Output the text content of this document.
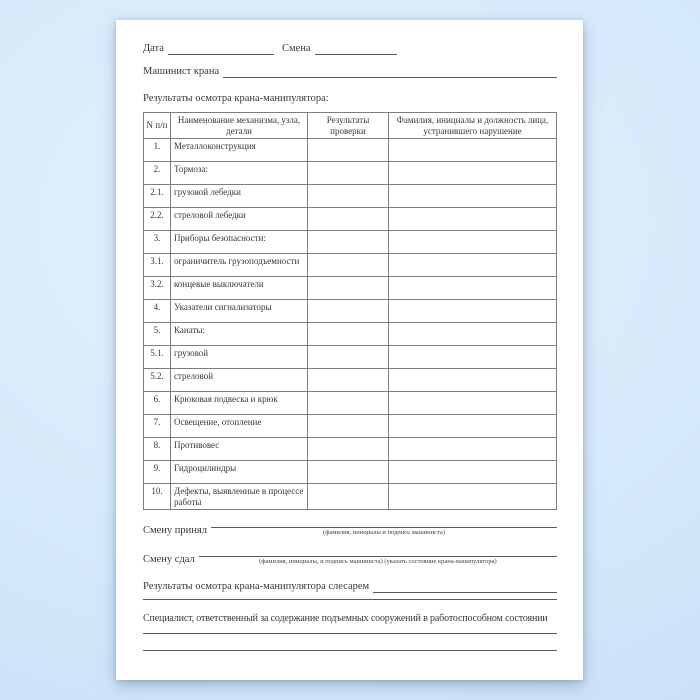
Дата	Смена
Машинист крана
Результаты осмотра крана-манипулятора:
N п/п	Наименование механизма, узла, детали	Результаты проверки	Фамилия, инициалы и должность лица, устранившего нарушение
1.	Металлоконструкция		
2.	Тормоза:		
2.1.	грузовой лебедки		
2.2.	стреловой лебедки		
3.	Приборы безопасности:		
3.1.	ограничитель грузоподъемности		
3.2.	концевые выключатели		
4.	Указатели сигнализаторы		
5.	Канаты:		
5.1.	грузовой		
5.2.	стреловой		
6.	Крюковая подвеска и крюк		
7.	Освещение, отопление		
8.	Противовес		
9.	Гидроцилиндры		
10.	Дефекты, выявленные в процессе работы		
Смену принял	(фамилия, инициалы и подпись машиниста)
Смену сдал	(фамилия, инициалы, и подпись машиниста) (указать состояние крана-манипулятора)
Результаты осмотра крана-манипулятора слесарем
Специалист, ответственный за содержание подъемных сооружений в работоспособном состоянии
